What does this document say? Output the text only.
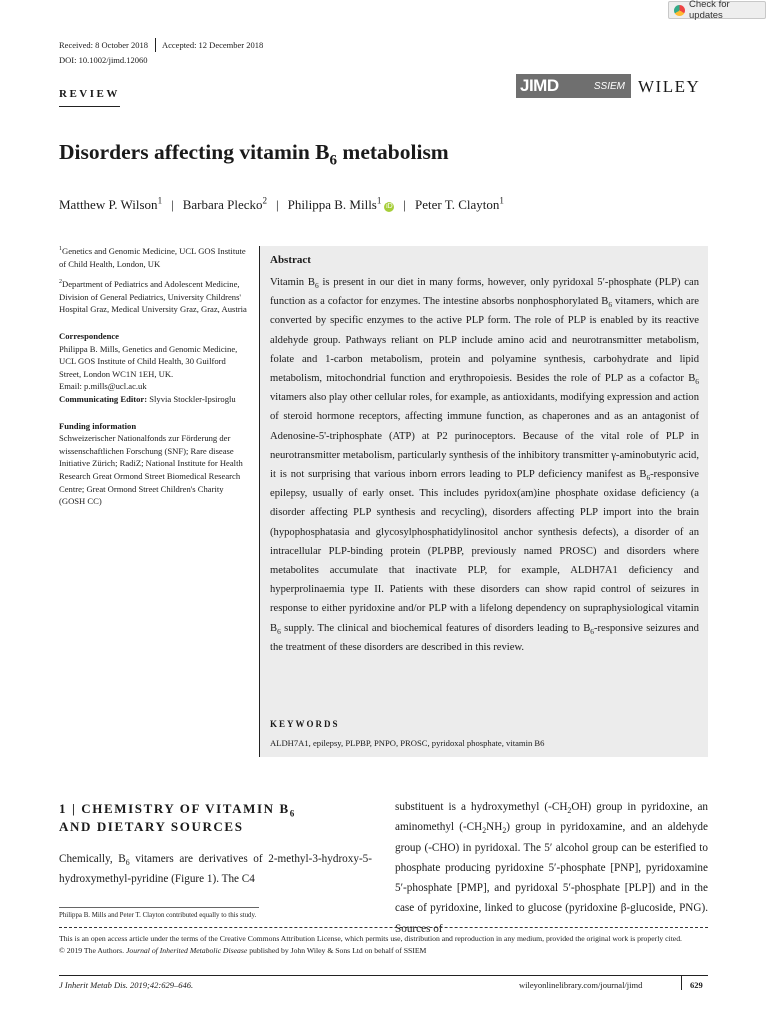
Check for updates
Received: 8 October 2018 Accepted: 12 December 2018
DOI: 10.1002/jimd.12060
REVIEW	JIMD	SSIEM WILEY
Disorders affecting vitamin $B_6$ metabolism
Matthew P. Wilson$^1$ | Barbara Plecko$^2$ | Philippa B. Mills$^1$iD | Peter T. Clayton$^1$

$^1$Genetics and Genomic Medicine, UCL GOS Institute of Child Health, London, UK

$^2$Department of Pediatrics and Adolescent Medicine, Division of General Pediatrics, University Childrens' Hospital Graz, Medical University Graz, Graz, Austria

Correspondence
Philippa B. Mills, Genetics and Genomic Medicine, UCL GOS Institute of Child Health, 30 Guilford Street, London WC1N 1EH, UK.
Email: p.mills@ucl.ac.uk
Communicating Editor: Slyvia Stockler-Ipsiroglu

Funding information
Schweizerischer Nationalfonds zur Förderung der wissenschaftlichen Forschung (SNF); Rare disease Initiative Zürich; RadiZ; National Institute for Health Research Great Ormond Street Biomedical Research Centre; Great Ormond Street Children's Charity (GOSH CC)

Abstract
Vitamin $B_6$ is present in our diet in many forms, however, only pyridoxal 5′-phosphate (PLP) can function as a cofactor for enzymes. The intestine absorbs nonphosphorylated $B_6$ vitamers, which are converted by specific enzymes to the active PLP form. The role of PLP is enabled by its reactive aldehyde group. Pathways reliant on PLP include amino acid and neurotransmitter metabolism, folate and 1-carbon metabolism, protein and polyamine synthesis, carbohydrate and lipid metabolism, mitochondrial function and erythropoiesis. Besides the role of PLP as a cofactor $B_6$ vitamers also play other cellular roles, for example, as antioxidants, modifying expression and action of steroid hormone receptors, affecting immune function, as chaperones and as an antagonist of Adenosine-5'-triphosphate (ATP) at P2 purinoceptors. Because of the vital role of PLP in neurotransmitter metabolism, particularly synthesis of the inhibitory transmitter γ-aminobutyric acid, it is not surprising that various inborn errors leading to PLP deficiency manifest as $B_6$-responsive epilepsy, usually of early onset. This includes pyridox(am)ine phosphate oxidase deficiency (a disorder affecting PLP synthesis and recycling), disorders affecting PLP import into the brain (hypophosphatasia and glycosylphosphatidylinositol anchor synthesis defects), a disorder of an intracellular PLP-binding protein (PLPBP, previously named PROSC) and disorders where metabolites accumulate that inactivate PLP, for example, ALDH7A1 deficiency and hyperprolinaemia type II. Patients with these disorders can show rapid control of seizures in response to either pyridoxine and/or PLP with a lifelong dependency on supraphysiological vitamin $B_6$ supply. The clinical and biochemical features of disorders leading to $B_6$-responsive seizures and the treatment of these disorders are described in this review.
KEYWORDS
ALDH7A1, epilepsy, PLPBP, PNPO, PROSC, pyridoxal phosphate, vitamin B6
1 | CHEMISTRY OF VITAMIN $B_6$
AND DIETARY SOURCES
Chemically, $B_6$ vitamers are derivatives of 2-methyl-3-hydroxy-5-hydroxymethyl-pyridine (Figure 1). The C4
substituent is a hydroxymethyl $(-CH_2OH)$ group in pyridoxine, an aminomethyl $(-CH_2NH_2)$ group in pyridoxamine, and an aldehyde group (-CHO) in pyridoxal. The 5′ alcohol group can be esterified to phosphate producing pyridoxine 5′-phosphate [PNP], pyridoxamine 5′-phosphate [PMP], and pyridoxal 5′-phosphate [PLP]) and in the case of pyridoxine, linked to glucose (pyridoxine β-glucoside, PNG). Sources of
Philippa B. Mills and Peter T. Clayton contributed equally to this study.
This is an open access article under the terms of the Creative Commons Attribution License, which permits use, distribution and reproduction in any medium, provided the original work is properly cited.
© 2019 The Authors. Journal of Inherited Metabolic Disease published by John Wiley & Sons Ltd on behalf of SSIEM
J Inherit Metab Dis. 2019;42:629–646.	wileyonlinelibrary.com/journal/jimd	629
